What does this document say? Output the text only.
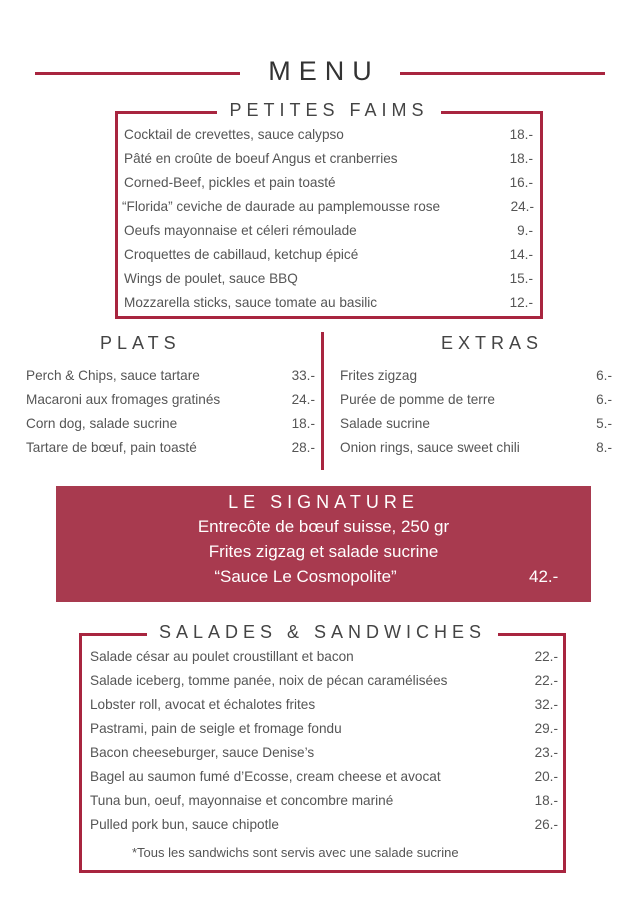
MENU
PETITES FAIMS
Cocktail de crevettes, sauce calypso	18.-
Pâté en croûte de boeuf Angus et cranberries	18.-
Corned-Beef, pickles et pain toasté	16.-
“Florida” ceviche de daurade au pamplemousse rose	24.-
Oeufs mayonnaise et céleri rémoulade	9.-
Croquettes de cabillaud, ketchup épicé	14.-
Wings de poulet, sauce BBQ	15.-
Mozzarella sticks, sauce tomate au basilic	12.-
PLATS
Perch & Chips, sauce tartare	33.-
Macaroni aux fromages gratinés	24.-
Corn dog, salade sucrine	18.-
Tartare de bœuf, pain toasté	28.-
EXTRAS
Frites zigzag	6.-
Purée de pomme de terre	6.-
Salade sucrine	5.-
Onion rings, sauce sweet chili	8.-
LE SIGNATURE
Entrecôte de bœuf suisse, 250 gr
Frites zigzag et salade sucrine
“Sauce Le Cosmopolite”	42.-
SALADES & SANDWICHES
Salade césar au poulet croustillant et bacon	22.-
Salade iceberg, tomme panée, noix de pécan caramélisées	22.-
Lobster roll, avocat et échalotes frites	32.-
Pastrami, pain de seigle et fromage fondu	29.-
Bacon cheeseburger, sauce Denise’s	23.-
Bagel au saumon fumé d’Ecosse, cream cheese et avocat	20.-
Tuna bun, oeuf, mayonnaise et concombre mariné	18.-
Pulled pork bun, sauce chipotle	26.-
*Tous les sandwichs sont servis avec une salade sucrine
